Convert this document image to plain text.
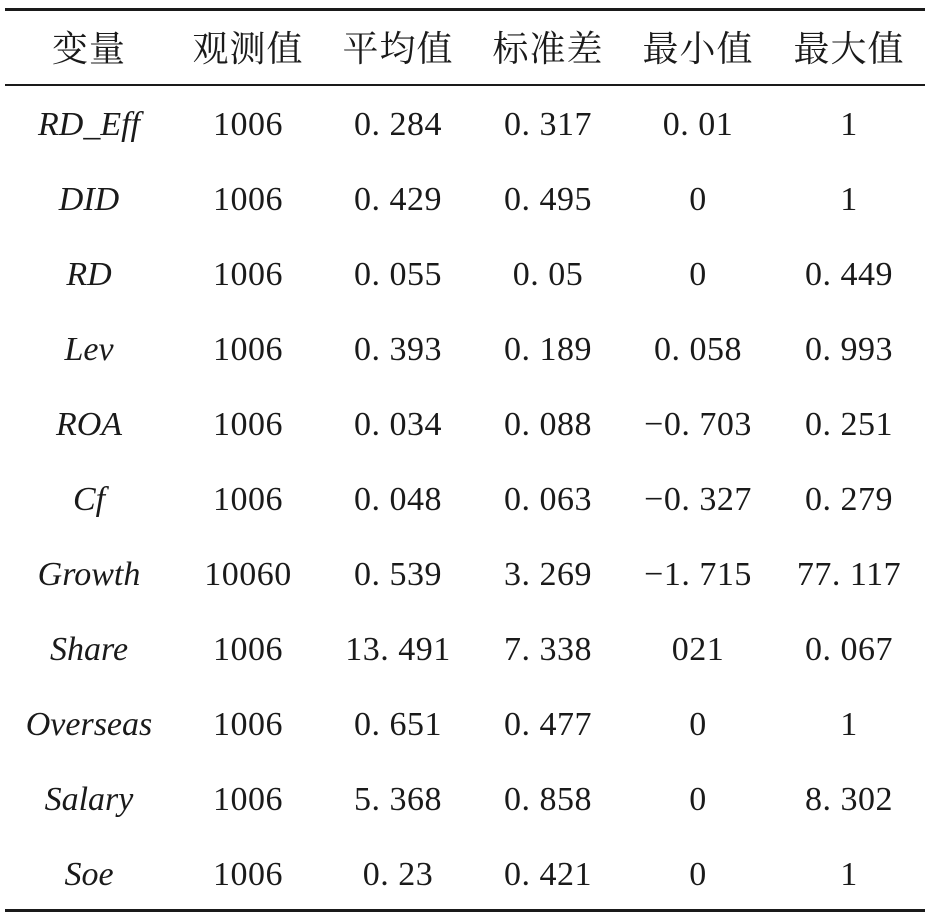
变量	观测值	平均值	标准差	最小值	最大值
RD_Eff	1006	0. 284	0. 317	0. 01	1
DID	1006	0. 429	0. 495	0	1
RD	1006	0. 055	0. 05	0	0. 449
Lev	1006	0. 393	0. 189	0. 058	0. 993
ROA	1006	0. 034	0. 088	−0. 703	0. 251
Cf	1006	0. 048	0. 063	−0. 327	0. 279
Growth	10060	0. 539	3. 269	−1. 715	77. 117
Share	1006	13. 491	7. 338	021	0. 067
Overseas	1006	0. 651	0. 477	0	1
Salary	1006	5. 368	0. 858	0	8. 302
Soe	1006	0. 23	0. 421	0	1
